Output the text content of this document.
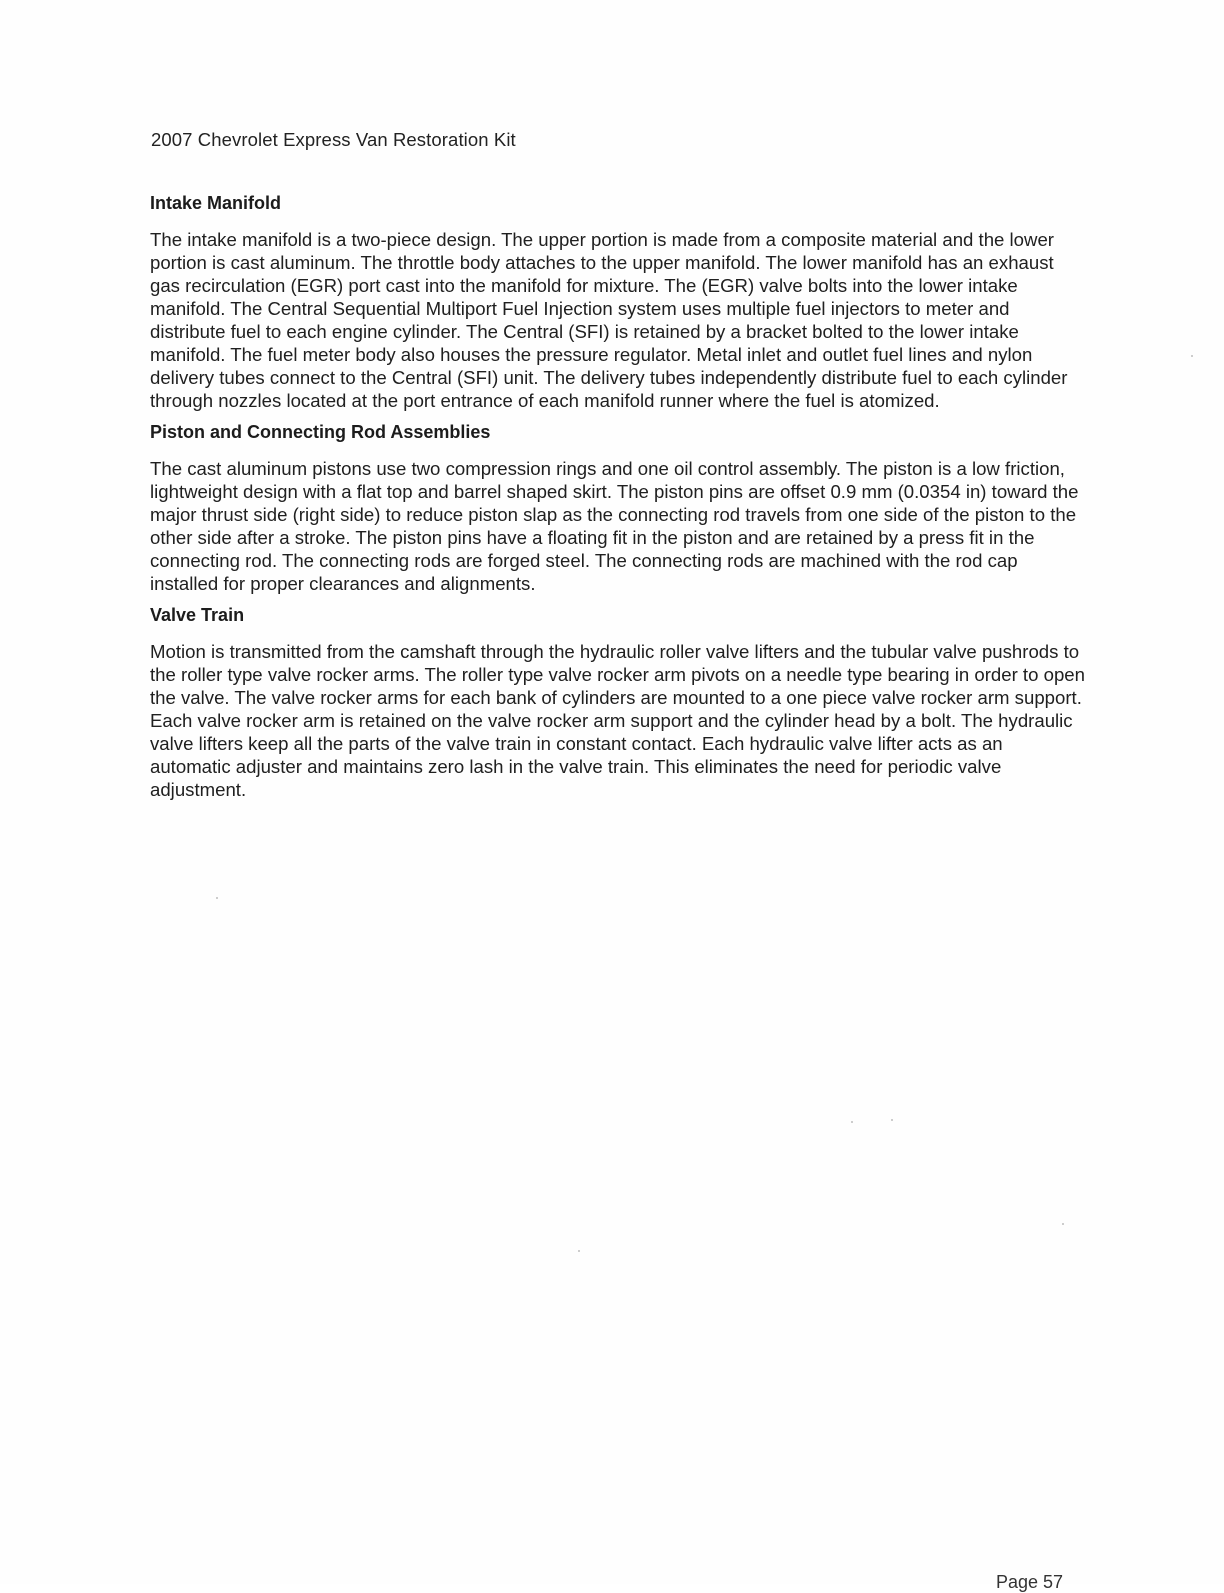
2007 Chevrolet Express Van Restoration Kit
Intake Manifold

The intake manifold is a two-piece design. The upper portion is made from a composite material and the lower portion is cast aluminum. The throttle body attaches to the upper manifold. The lower manifold has an exhaust gas recirculation (EGR) port cast into the manifold for mixture. The (EGR) valve bolts into the lower intake manifold. The Central Sequential Multiport Fuel Injection system uses multiple fuel injectors to meter and distribute fuel to each engine cylinder. The Central (SFI) is retained by a bracket bolted to the lower intake manifold. The fuel meter body also houses the pressure regulator. Metal inlet and outlet fuel lines and nylon delivery tubes connect to the Central (SFI) unit. The delivery tubes independently distribute fuel to each cylinder through nozzles located at the port entrance of each manifold runner where the fuel is atomized.

Piston and Connecting Rod Assemblies

The cast aluminum pistons use two compression rings and one oil control assembly. The piston is a low friction, lightweight design with a flat top and barrel shaped skirt. The piston pins are offset 0.9 mm (0.0354 in) toward the major thrust side (right side) to reduce piston slap as the connecting rod travels from one side of the piston to the other side after a stroke. The piston pins have a floating fit in the piston and are retained by a press fit in the connecting rod. The connecting rods are forged steel. The connecting rods are machined with the rod cap installed for proper clearances and alignments.

Valve Train

Motion is transmitted from the camshaft through the hydraulic roller valve lifters and the tubular valve pushrods to the roller type valve rocker arms. The roller type valve rocker arm pivots on a needle type bearing in order to open the valve. The valve rocker arms for each bank of cylinders are mounted to a one piece valve rocker arm support. Each valve rocker arm is retained on the valve rocker arm support and the cylinder head by a bolt. The hydraulic valve lifters keep all the parts of the valve train in constant contact. Each hydraulic valve lifter acts as an automatic adjuster and maintains zero lash in the valve train. This eliminates the need for periodic valve adjustment.

Page 57
